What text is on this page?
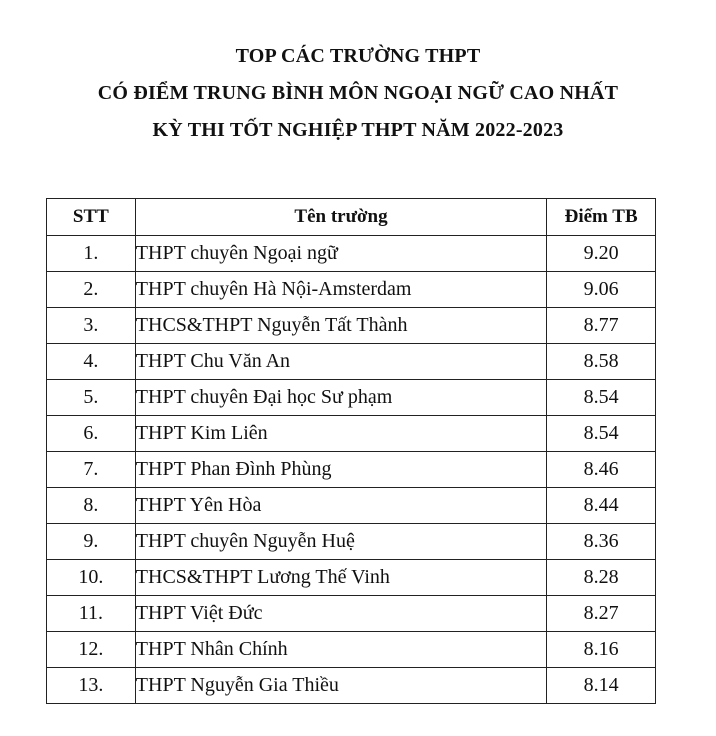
TOP CÁC TRƯỜNG THPT
CÓ ĐIỂM TRUNG BÌNH MÔN NGOẠI NGỮ CAO NHẤT
KỲ THI TỐT NGHIỆP THPT NĂM 2022-2023
STT	Tên trường	Điểm TB
1.	THPT chuyên Ngoại ngữ	9.20
2.	THPT chuyên Hà Nội-Amsterdam	9.06
3.	THCS&THPT Nguyễn Tất Thành	8.77
4.	THPT Chu Văn An	8.58
5.	THPT chuyên Đại học Sư phạm	8.54
6.	THPT Kim Liên	8.54
7.	THPT Phan Đình Phùng	8.46
8.	THPT Yên Hòa	8.44
9.	THPT chuyên Nguyễn Huệ	8.36
10.	THCS&THPT Lương Thế Vinh	8.28
11.	THPT Việt Đức	8.27
12.	THPT Nhân Chính	8.16
13.	THPT Nguyễn Gia Thiều	8.14
